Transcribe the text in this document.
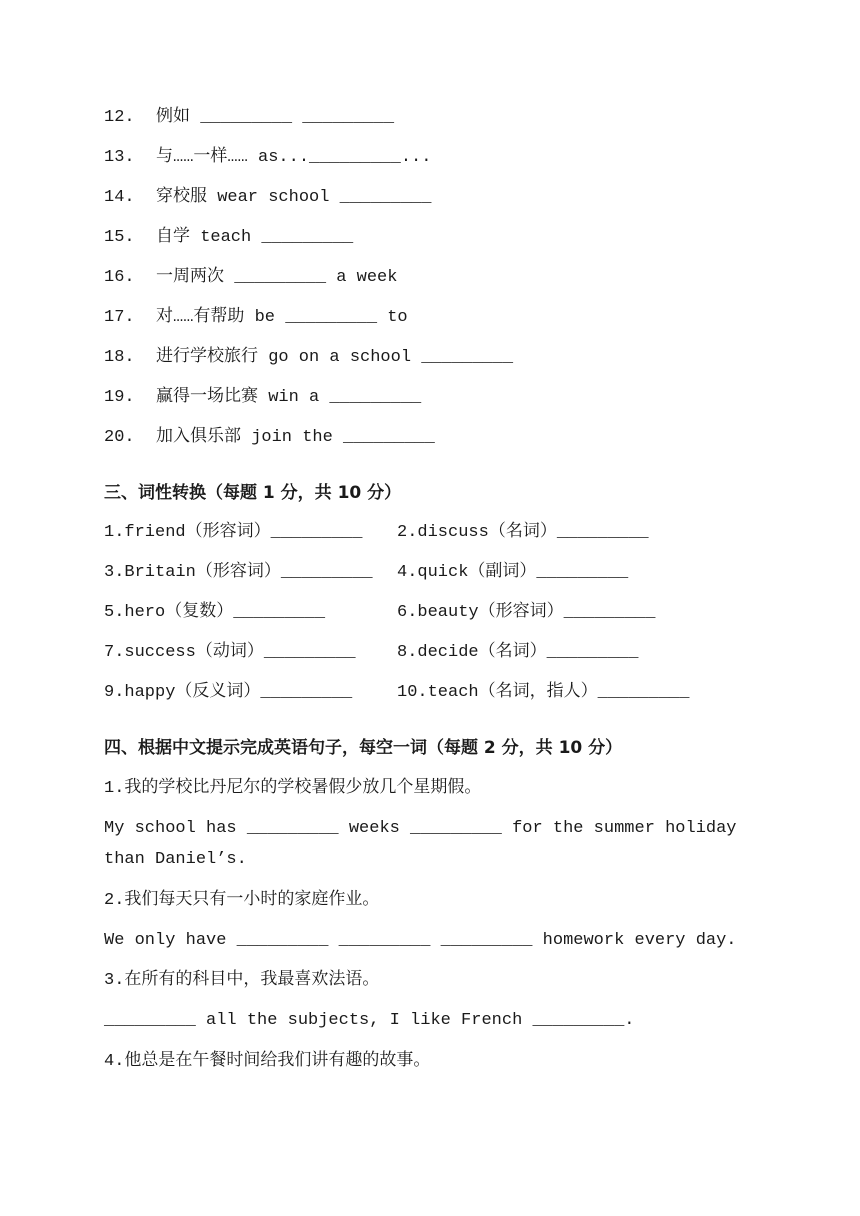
12. 例如 _________ _________
13. 与……一样…… as..._________...
14. 穿校服 wear school _________
15. 自学 teach _________
16. 一周两次 _________ a week
17. 对……有帮助 be _________ to
18. 进行学校旅行 go on a school _________
19. 赢得一场比赛 win a _________
20. 加入俱乐部 join the _________
三、词性转换（每题 1 分，共 10 分）
1.friend（形容词）_________ 2.discuss（名词）_________
3.Britain（形容词）_________ 4.quick（副词）_________
5.hero（复数）_________	6.beauty（形容词）_________
7.success（动词）_________ 8.decide（名词）_________
9.happy（反义词）_________	10.teach（名词，指人）_________
四、根据中文提示完成英语句子，每空一词（每题 2 分，共 10 分）
1.我的学校比丹尼尔的学校暑假少放几个星期假。
My school has _________ weeks _________ for the summer holiday
than Daniel’s.
2.我们每天只有一小时的家庭作业。
We only have _________ _________ _________ homework every day.
3.在所有的科目中，我最喜欢法语。
_________ all the subjects, I like French _________.
4.他总是在午餐时间给我们讲有趣的故事。
